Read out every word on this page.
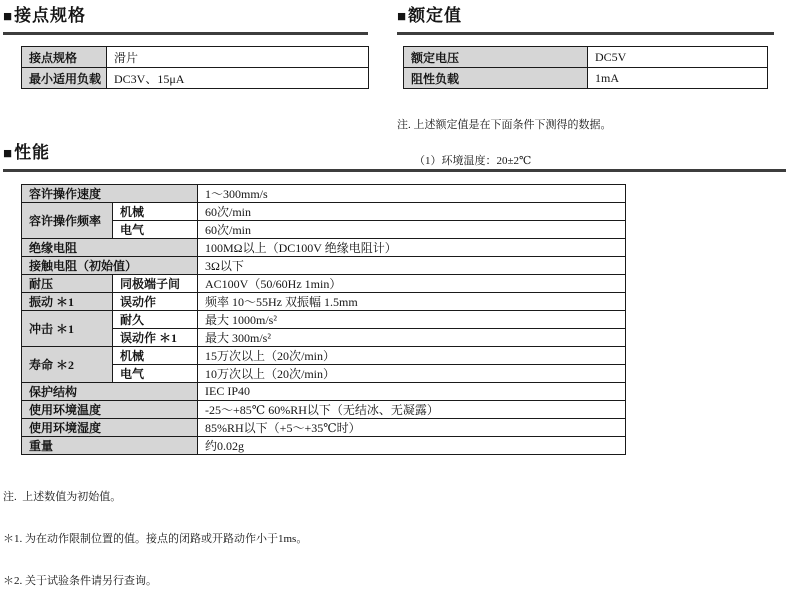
■接点规格
接点规格	滑片
最小适用负载	DC3V、15μA
■额定值
额定电压	DC5V
阻性负载	1mA

注. 上述额定值是在下面条件下测得的数据。

（1）环境温度：20±2℃

■性能
容许操作速度		1～300mm/s
容许操作频率	机械	60次/min
	电气	60次/min
绝缘电阻		100MΩ以上（DC100V 绝缘电阻计）
接触电阻（初始值）		3Ω以下
耐压	同极端子间	AC100V（50/60Hz 1min）
振动 ＊1	误动作	频率 10～55Hz 双振幅 1.5mm
冲击 ＊1	耐久	最大 1000m/s²
	误动作 ＊1	最大 300m/s²
寿命 ＊2	机械	15万次以上（20次/min）
	电气	10万次以上（20次/min）
保护结构		IEC IP40
使用环境温度		-25～+85℃ 60%RH以下（无结冰、无凝露）
使用环境湿度		85%RH以下（+5～+35℃时）
重量		约0.02g

注.  上述数值为初始值。

＊1. 为在动作限制位置的值。接点的闭路或开路动作小于1ms。

＊2. 关于试验条件请另行查询。
